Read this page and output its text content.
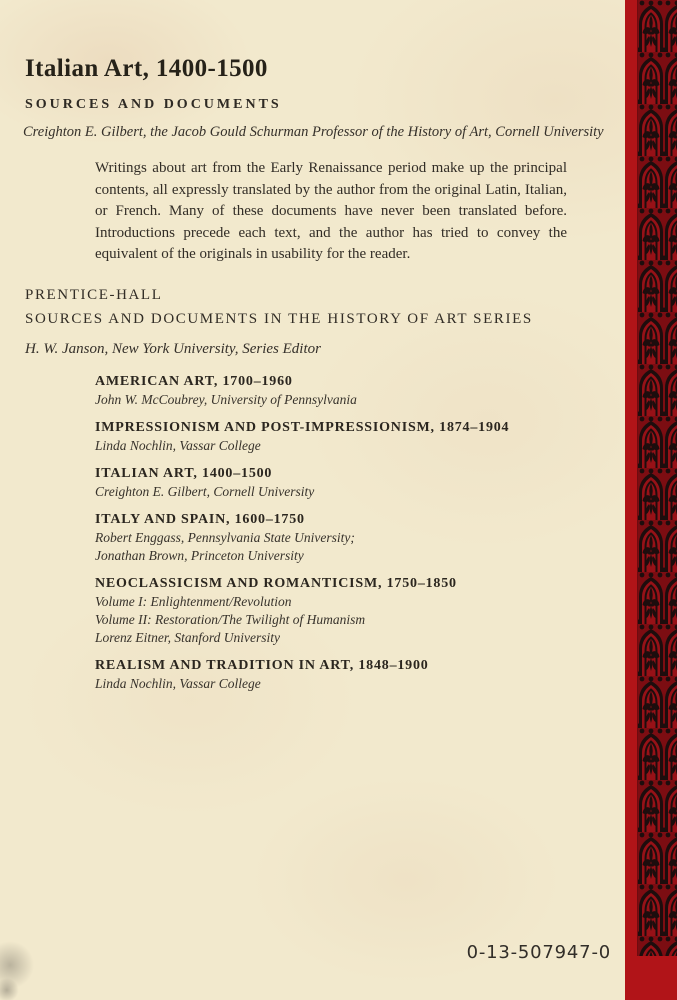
Italian Art, 1400-1500
SOURCES AND DOCUMENTS
Creighton E. Gilbert, the Jacob Gould Schurman Professor of the History of Art, Cornell University

Writings about art from the Early Renaissance period make up the principal contents, all expressly translated by the author from the original Latin, Italian, or French. Many of these documents have never been translated before. Introductions precede each text, and the author has tried to convey the equivalent of the originals in usability for the reader.

PRENTICE-HALL
SOURCES AND DOCUMENTS IN THE HISTORY OF ART SERIES
H. W. Janson, New York University, Series Editor
AMERICAN ART, 1700–1960
John W. McCoubrey, University of Pennsylvania
IMPRESSIONISM AND POST-IMPRESSIONISM, 1874–1904
Linda Nochlin, Vassar College
ITALIAN ART, 1400–1500
Creighton E. Gilbert, Cornell University
ITALY AND SPAIN, 1600–1750
Robert Enggass, Pennsylvania State University;
Jonathan Brown, Princeton University
NEOCLASSICISM AND ROMANTICISM, 1750–1850
Volume I: Enlightenment/Revolution
Volume II: Restoration/The Twilight of Humanism
Lorenz Eitner, Stanford University
REALISM AND TRADITION IN ART, 1848–1900
Linda Nochlin, Vassar College
0-13-507947-0
